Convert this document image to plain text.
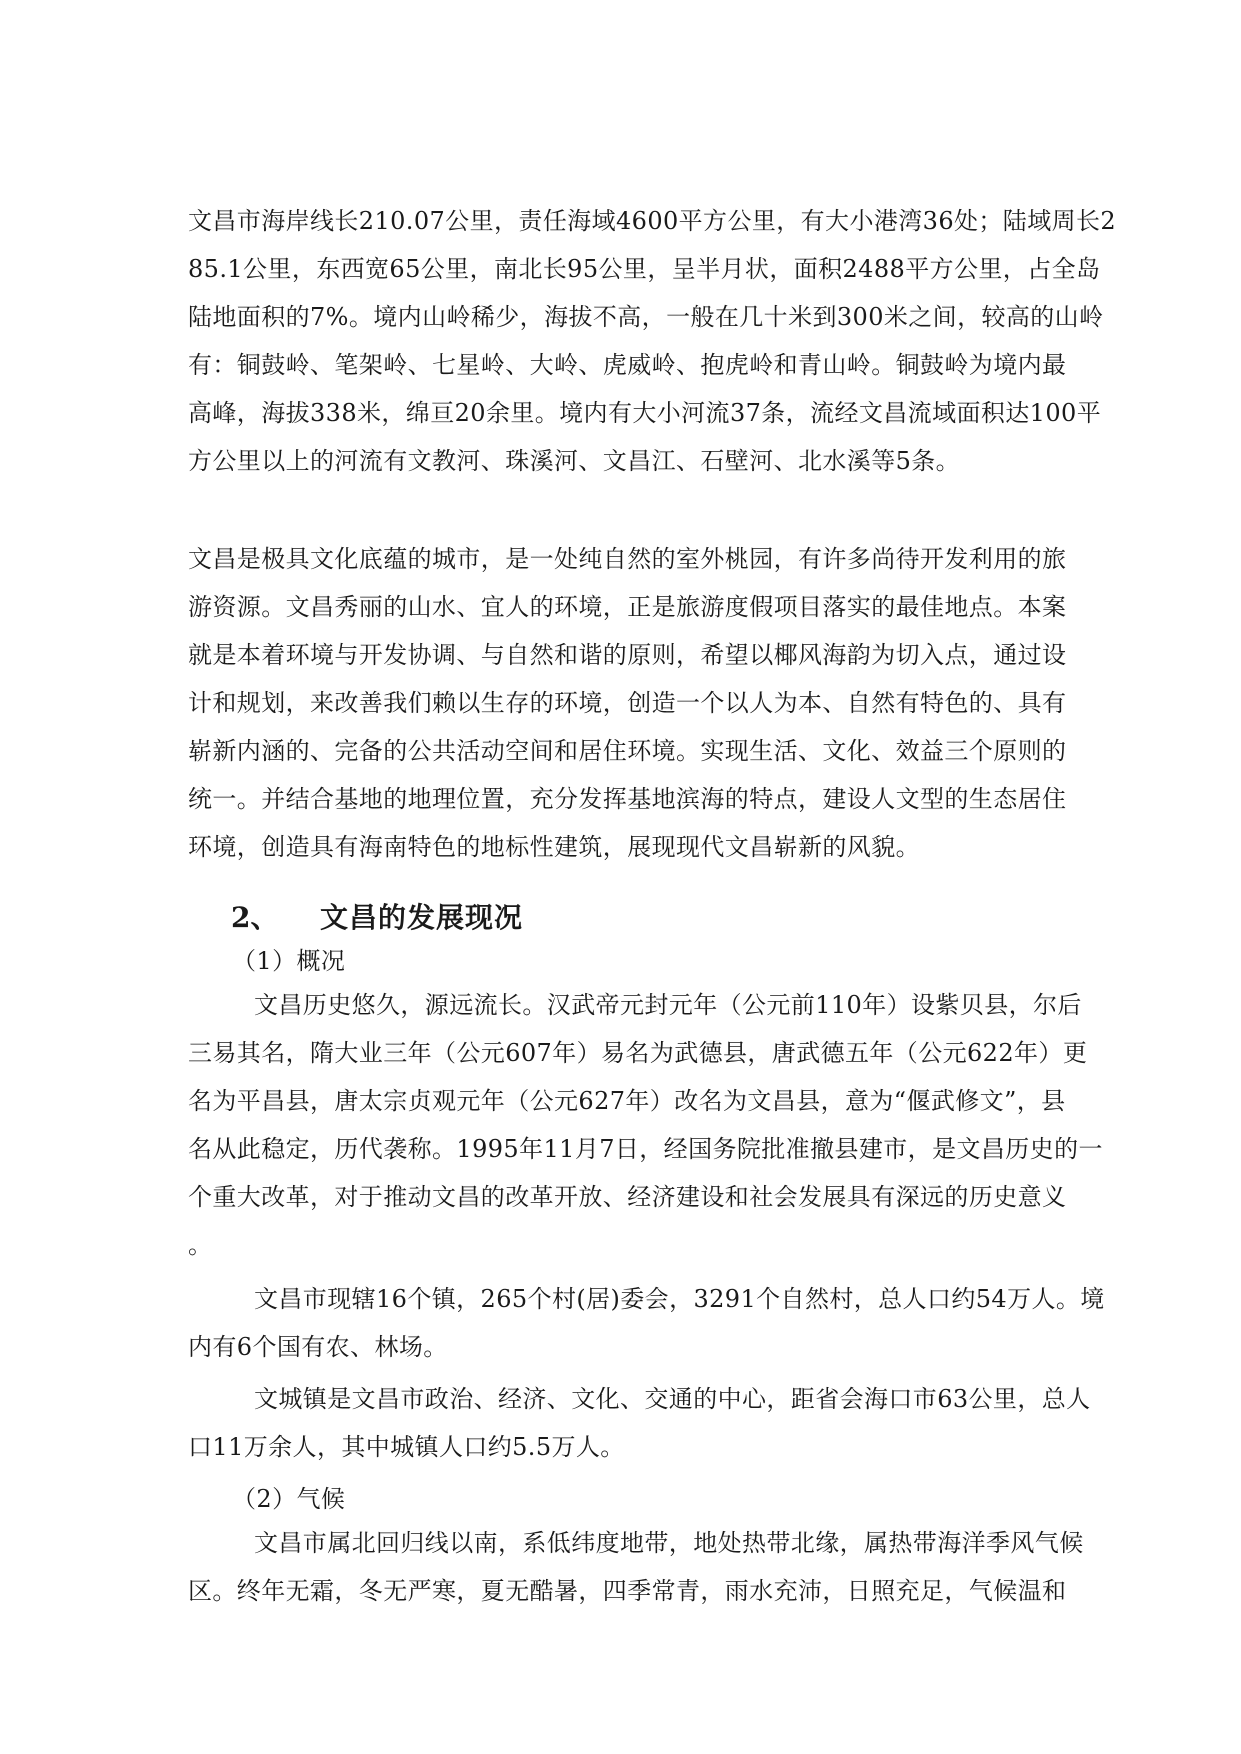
文昌市海岸线长210.07公里，责任海域4600平方公里，有大小港湾36处；陆域周长2
85.1公里，东西宽65公里，南北长95公里，呈半月状，面积2488平方公里，占全岛
陆地面积的7%。境内山岭稀少，海拔不高，一般在几十米到300米之间，较高的山岭
有：铜鼓岭、笔架岭、七星岭、大岭、虎威岭、抱虎岭和青山岭。铜鼓岭为境内最
高峰，海拔338米，绵亘20余里。境内有大小河流37条，流经文昌流域面积达100平
方公里以上的河流有文教河、珠溪河、文昌江、石壁河、北水溪等5条。
文昌是极具文化底蕴的城市，是一处纯自然的室外桃园，有许多尚待开发利用的旅
游资源。文昌秀丽的山水、宜人的环境，正是旅游度假项目落实的最佳地点。本案
就是本着环境与开发协调、与自然和谐的原则，希望以椰风海韵为切入点，通过设
计和规划，来改善我们赖以生存的环境，创造一个以人为本、自然有特色的、具有
崭新内涵的、完备的公共活动空间和居住环境。实现生活、文化、效益三个原则的
统一。并结合基地的地理位置，充分发挥基地滨海的特点，建设人文型的生态居住
环境，创造具有海南特色的地标性建筑，展现现代文昌崭新的风貌。
2、 文昌的发展现况
（1）概况
文昌历史悠久，源远流长。汉武帝元封元年（公元前110年）设紫贝县，尔后
三易其名，隋大业三年（公元607年）易名为武德县，唐武德五年（公元622年）更
名为平昌县，唐太宗贞观元年（公元627年）改名为文昌县，意为“偃武修文”，县
名从此稳定，历代袭称。1995年11月7日，经国务院批准撤县建市，是文昌历史的一
个重大改革，对于推动文昌的改革开放、经济建设和社会发展具有深远的历史意义
。
文昌市现辖16个镇，265个村(居)委会，3291个自然村，总人口约54万人。境
内有6个国有农、林场。
文城镇是文昌市政治、经济、文化、交通的中心，距省会海口市63公里，总人
口11万余人，其中城镇人口约5.5万人。
（2）气候
文昌市属北回归线以南，系低纬度地带，地处热带北缘，属热带海洋季风气候
区。终年无霜，冬无严寒，夏无酷暑，四季常青，雨水充沛，日照充足，气候温和
